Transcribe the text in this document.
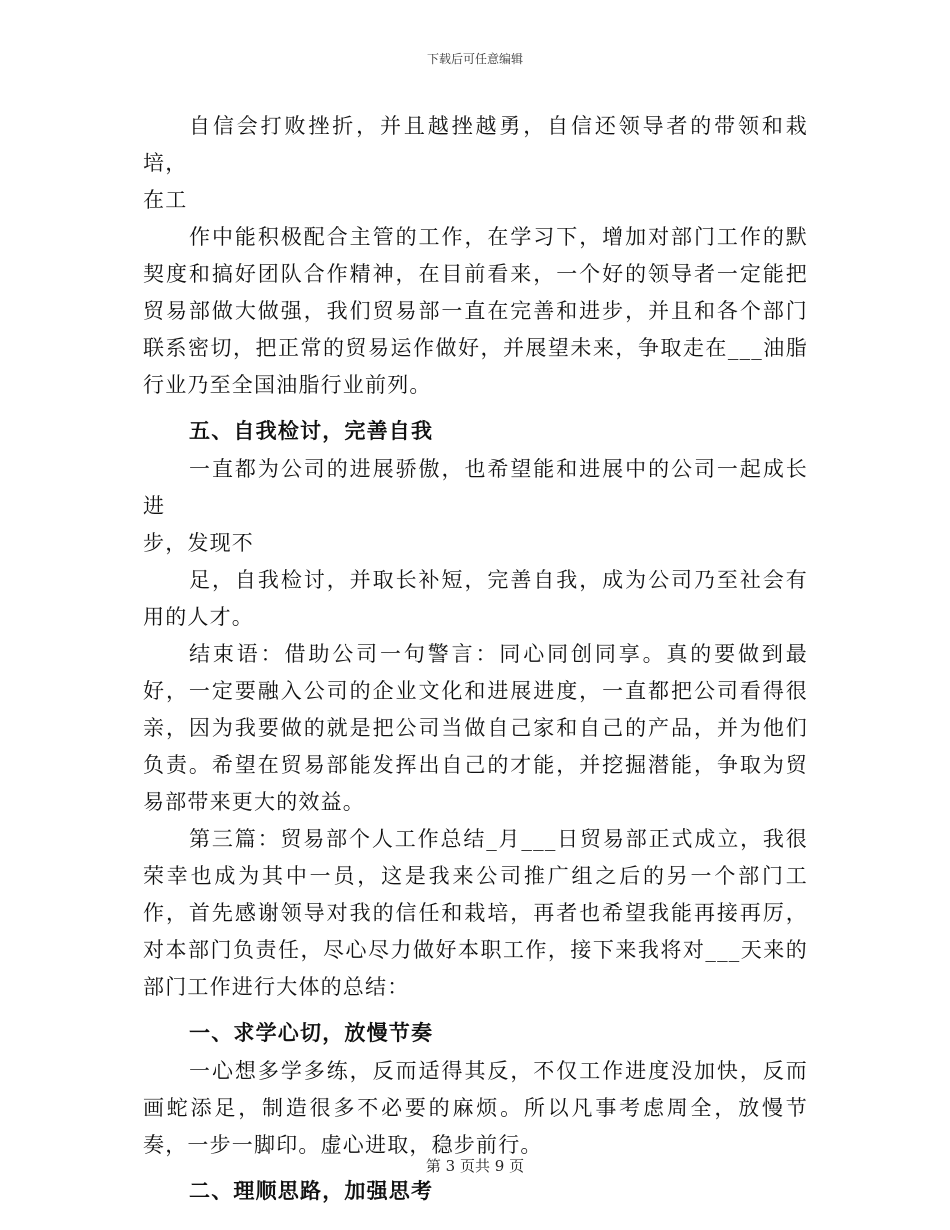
下载后可任意编辑

自信会打败挫折，并且越挫越勇，自信还领导者的带领和栽培，

在工

作中能积极配合主管的工作，在学习下，增加对部门工作的默契度和搞好团队合作精神，在目前看来，一个好的领导者一定能把贸易部做大做强，我们贸易部一直在完善和进步，并且和各个部门联系密切，把正常的贸易运作做好，并展望未来，争取走在___油脂行业乃至全国油脂行业前列。

五、自我检讨，完善自我

一直都为公司的进展骄傲，也希望能和进展中的公司一起成长进

步，发现不

足，自我检讨，并取长补短，完善自我，成为公司乃至社会有用的人才。

结束语：借助公司一句警言：同心同创同享。真的要做到最好，一定要融入公司的企业文化和进展进度，一直都把公司看得很亲，因为我要做的就是把公司当做自己家和自己的产品，并为他们负责。希望在贸易部能发挥出自己的才能，并挖掘潜能，争取为贸易部带来更大的效益。

第三篇：贸易部个人工作总结_月___日贸易部正式成立，我很荣幸也成为其中一员，这是我来公司推广组之后的另一个部门工作，首先感谢领导对我的信任和栽培，再者也希望我能再接再厉，对本部门负责任，尽心尽力做好本职工作，接下来我将对___天来的部门工作进行大体的总结：

一、求学心切，放慢节奏

一心想多学多练，反而适得其反，不仅工作进度没加快，反而画蛇添足，制造很多不必要的麻烦。所以凡事考虑周全，放慢节奏，一步一脚印。虚心进取，稳步前行。

二、理顺思路，加强思考

第 3 页共 9 页
